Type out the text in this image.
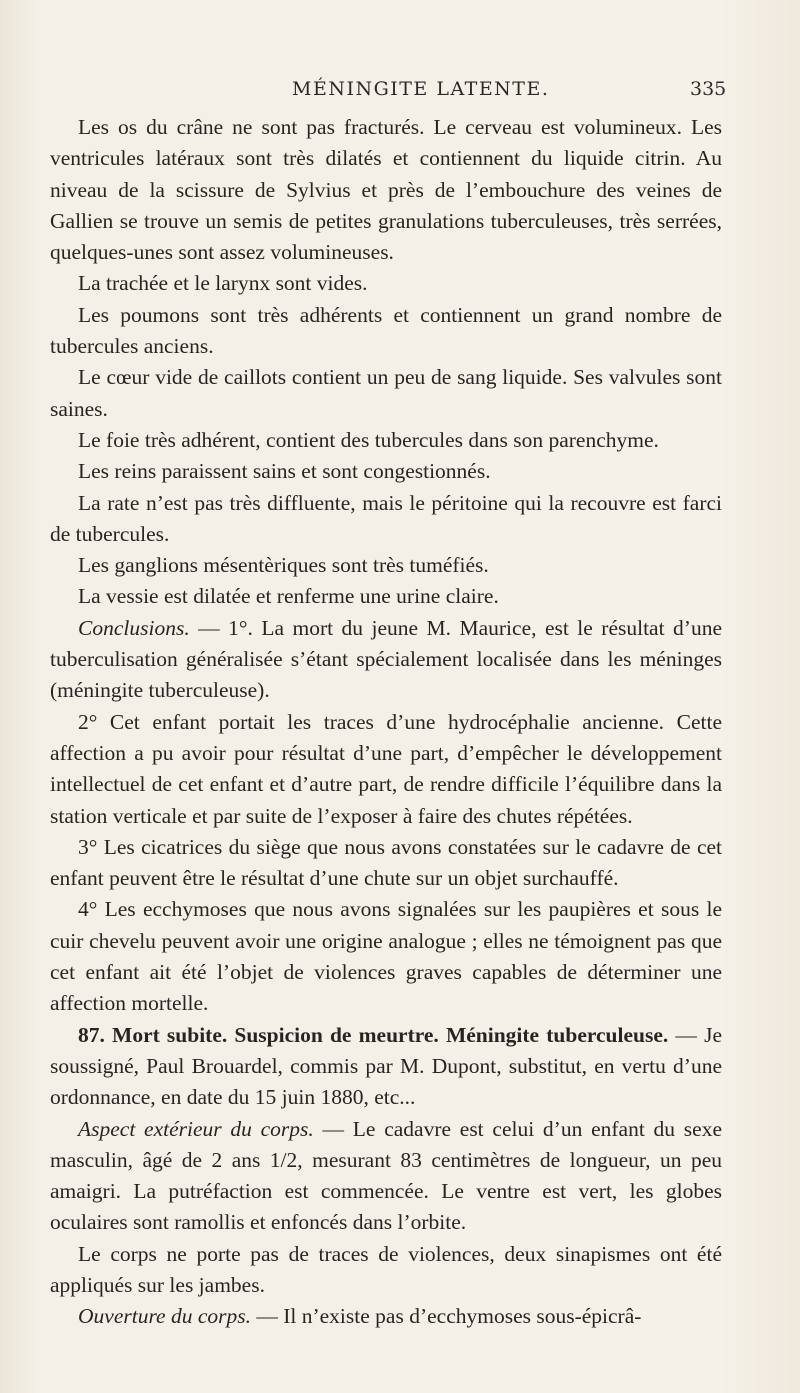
MÉNINGITE LATENTE.	335

Les os du crâne ne sont pas fracturés. Le cerveau est volumineux. Les ventricules latéraux sont très dilatés et contiennent du liquide citrin. Au niveau de la scissure de Sylvius et près de l’embouchure des veines de Gallien se trouve un semis de petites granulations tuberculeuses, très serrées, quelques-unes sont assez volumineuses.

La trachée et le larynx sont vides.

Les poumons sont très adhérents et contiennent un grand nombre de tubercules anciens.

Le cœur vide de caillots contient un peu de sang liquide. Ses valvules sont saines.

Le foie très adhérent, contient des tubercules dans son parenchyme.

Les reins paraissent sains et sont congestionnés.

La rate n’est pas très diffluente, mais le péritoine qui la recouvre est farci de tubercules.

Les ganglions mésentèriques sont très tuméfiés.

La vessie est dilatée et renferme une urine claire.

Conclusions. — 1°. La mort du jeune M. Maurice, est le résultat d’une tuberculisation généralisée s’étant spécialement localisée dans les méninges (méningite tuberculeuse).

2° Cet enfant portait les traces d’une hydrocéphalie ancienne. Cette affection a pu avoir pour résultat d’une part, d’empêcher le développement intellectuel de cet enfant et d’autre part, de rendre difficile l’équilibre dans la station verticale et par suite de l’exposer à faire des chutes répétées.

3° Les cicatrices du siège que nous avons constatées sur le cadavre de cet enfant peuvent être le résultat d’une chute sur un objet surchauffé.

4° Les ecchymoses que nous avons signalées sur les paupières et sous le cuir chevelu peuvent avoir une origine analogue ; elles ne témoignent pas que cet enfant ait été l’objet de violences graves capables de déterminer une affection mortelle.

87. Mort subite. Suspicion de meurtre. Méningite tuberculeuse. — Je soussigné, Paul Brouardel, commis par M. Dupont, substitut, en vertu d’une ordonnance, en date du 15 juin 1880, etc...

Aspect extérieur du corps. — Le cadavre est celui d’un enfant du sexe masculin, âgé de 2 ans 1/2, mesurant 83 centimètres de longueur, un peu amaigri. La putréfaction est commencée. Le ventre est vert, les globes oculaires sont ramollis et enfoncés dans l’orbite.

Le corps ne porte pas de traces de violences, deux sinapismes ont été appliqués sur les jambes.

Ouverture du corps. — Il n’existe pas d’ecchymoses sous-épicrâ-
